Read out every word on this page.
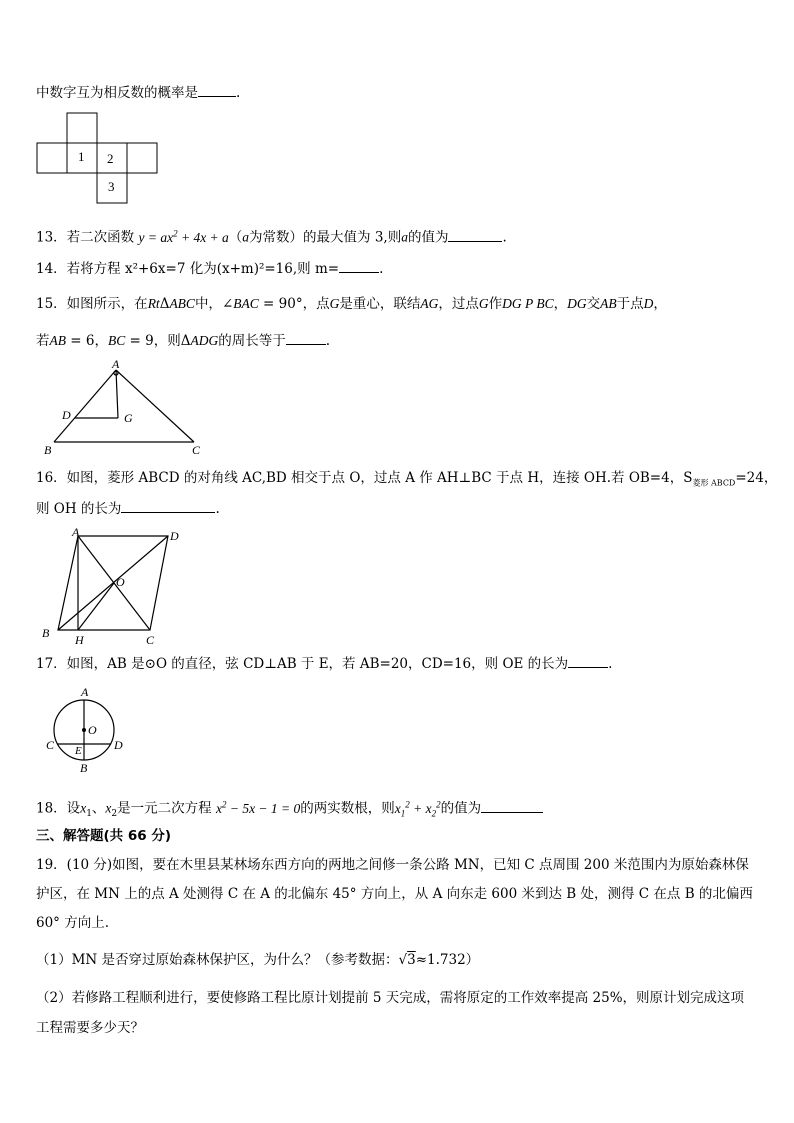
中数字互为相反数的概率是	.
1 2
3
13．若二次函数 $y = ax^2 + 4x + a(a$为常数）的最大值为 3,则a的值为	.
14．若将方程 x²+6x=7 化为(x+m)²=16,则 m=	.
15．如图所示，在RtΔABC中，∠BAC = 90°，点G是重心，联结AG，过点G作DG P BC，DG交AB于点D，
若AB = 6，BC = 9，则ΔADG的周长等于	.
A
B	C
D	G
16．如图，菱形 ABCD 的对角线 AC,BD 相交于点 O，过点 A 作 AH⊥BC 于点 H，连接 OH.若 OB=4，$S_{菱形 ABCD}=24$，
则 OH 的长为	.
A	D
O
B H	C
17．如图，AB 是⊙O 的直径，弦 CD⊥AB 于 E，若 AB=20，CD=16，则 OE 的长为	.
A
O
C E	D
B
18．设$x_1$、$x_2$是一元二次方程 $x^2 - 5x - 1 = 0$的两实数根，则$x_1^2 + x_2^2$的值为
三、解答题(共 66 分)
19．(10 分)如图，要在木里县某林场东西方向的两地之间修一条公路 MN，已知 C 点周围 200 米范围内为原始森林保
护区，在 MN 上的点 A 处测得 C 在 A 的北偏东 45° 方向上，从 A 向东走 600 米到达 B 处，测得 C 在点 B 的北偏西
60° 方向上.
（1）MN 是否穿过原始森林保护区，为什么？（参考数据：√3≈1.732）
（2）若修路工程顺利进行，要使修路工程比原计划提前 5 天完成，需将原定的工作效率提高 25%，则原计划完成这项
工程需要多少天？
